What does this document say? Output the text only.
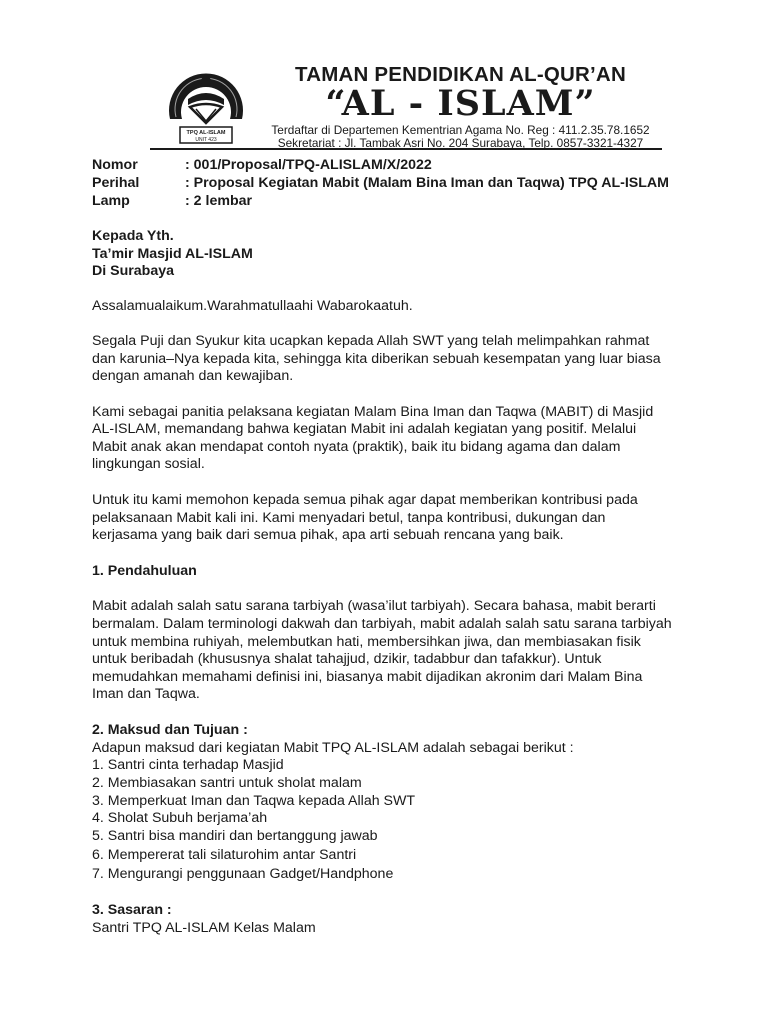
TPQ AL-ISLAM
UNIT 423
TAMAN PENDIDIKAN AL-QUR’AN
“AL - ISLAM”
Terdaftar di Departemen Kementrian Agama No. Reg : 411.2.35.78.1652
Sekretariat : Jl. Tambak Asri No. 204 Surabaya, Telp. 0857-3321-4327
Nomor	: 001/Proposal/TPQ-ALISLAM/X/2022
Perihal	: Proposal Kegiatan Mabit (Malam Bina Iman dan Taqwa) TPQ AL-ISLAM
Lamp	: 2 lembar
Kepada Yth.
Ta’mir Masjid AL-ISLAM
Di Surabaya
Assalamualaikum.Warahmatullaahi Wabarokaatuh.
Segala Puji dan Syukur kita ucapkan kepada Allah SWT yang telah melimpahkan rahmat
dan karunia–Nya kepada kita, sehingga kita diberikan sebuah kesempatan yang luar biasa
dengan amanah dan kewajiban.
Kami sebagai panitia pelaksana kegiatan Malam Bina Iman dan Taqwa (MABIT) di Masjid
AL-ISLAM, memandang bahwa kegiatan Mabit ini adalah kegiatan yang positif. Melalui
Mabit anak akan mendapat contoh nyata (praktik), baik itu bidang agama dan dalam
lingkungan sosial.
Untuk itu kami memohon kepada semua pihak agar dapat memberikan kontribusi pada
pelaksanaan Mabit kali ini. Kami menyadari betul, tanpa kontribusi, dukungan dan
kerjasama yang baik dari semua pihak, apa arti sebuah rencana yang baik.
1. Pendahuluan
Mabit adalah salah satu sarana tarbiyah (wasa’ilut tarbiyah). Secara bahasa, mabit berarti
bermalam. Dalam terminologi dakwah dan tarbiyah, mabit adalah salah satu sarana tarbiyah
untuk membina ruhiyah, melembutkan hati, membersihkan jiwa, dan membiasakan fisik
untuk beribadah (khususnya shalat tahajjud, dzikir, tadabbur dan tafakkur). Untuk
memudahkan memahami definisi ini, biasanya mabit dijadikan akronim dari Malam Bina
Iman dan Taqwa.
2. Maksud dan Tujuan :
Adapun maksud dari kegiatan Mabit TPQ AL-ISLAM adalah sebagai berikut :
1. Santri cinta terhadap Masjid
2. Membiasakan santri untuk sholat malam
3. Memperkuat Iman dan Taqwa kepada Allah SWT
4. Sholat Subuh berjama’ah
5. Santri bisa mandiri dan bertanggung jawab
6. Mempererat tali silaturohim antar Santri
7. Mengurangi penggunaan Gadget/Handphone
3. Sasaran :
Santri TPQ AL-ISLAM Kelas Malam
